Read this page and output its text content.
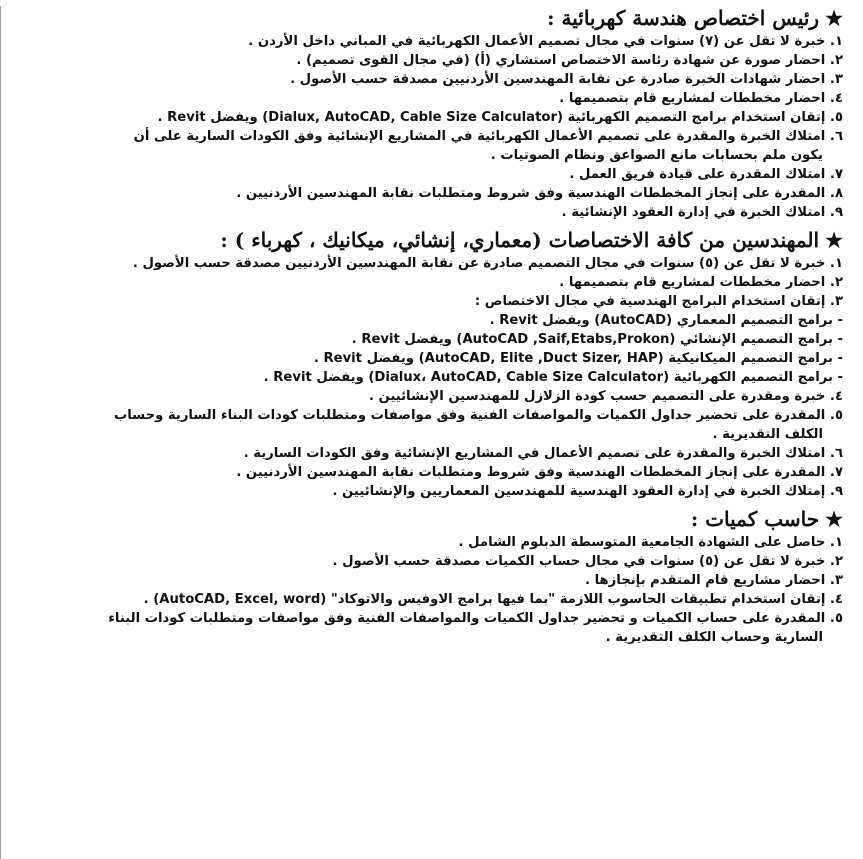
★رئيس اختصاص هندسة كهربائية :
١. خبرة لا تقل عن (٧) سنوات في مجال تصميم الأعمال الكهربائية في المباني داخل الأردن .
٢. احضار صورة عن شهادة رئاسة الاختصاص استشاري (أ) (في مجال القوى تصميم) .
٣. احضار شهادات الخبرة صادرة عن نقابة المهندسين الأردنيين مصدقة حسب الأصول .
٤. احضار مخططات لمشاريع قام بتصميمها .
٥. إتقان استخدام برامج التصميم الكهربائية (Dialux, AutoCAD, Cable Size Calculator) ويفضل Revit .
٦. امتلاك الخبرة والمقدرة على تصميم الأعمال الكهربائية في المشاريع الإنشائية وفق الكودات السارية على أن
يكون ملم بحسابات مانع الصواعق ونظام الصوتيات .
٧. امتلاك المقدرة على قيادة فريق العمل .
٨. المقدرة على إنجاز المخططات الهندسية وفق شروط ومتطلبات نقابة المهندسين الأردنيين .
٩. امتلاك الخبرة في إدارة العقود الإنشائية .
★المهندسين من كافة الاختصاصات (معماري، إنشائي، ميكانيك ، كهرباء ) :
١. خبرة لا تقل عن (٥) سنوات في مجال التصميم صادرة عن نقابة المهندسين الأردنيين مصدقة حسب الأصول .
٢. احضار مخططات لمشاريع قام بتصميمها .
٣. إتقان استخدام البرامج الهندسية في مجال الاختصاص :
- برامج التصميم المعماري (AutoCAD) ويفضل Revit .
- برامج التصميم الإنشائي (AutoCAD ,Saif,Etabs,Prokon) ويفضل Revit .
- برامج التصميم الميكانيكية (AutoCAD, Elite ,Duct Sizer, HAP) ويفضل Revit .
- برامج التصميم الكهربائية (Dialux، AutoCAD, Cable Size Calculator) ويفضل Revit .
٤. خبرة ومقدرة على التصميم حسب كودة الزلازل للمهندسين الإنشائيين .
٥. المقدرة على تحضير جداول الكميات والمواصفات الفنية وفق مواصفات ومتطلبات كودات البناء السارية وحساب
الكلف التقديرية .
٦. امتلاك الخبرة والمقدرة على تصميم الأعمال في المشاريع الإنشائية وفق الكودات السارية .
٧. المقدرة على إنجاز المخططات الهندسية وفق شروط ومتطلبات نقابة المهندسين الأردنيين .
٩. إمتلاك الخبرة في إدارة العقود الهندسية للمهندسين المعماريين والإنشائيين .
★حاسب كميات :
١. حاصل على الشهادة الجامعية المتوسطة الدبلوم الشامل .
٢. خبرة لا تقل عن (٥) سنوات في مجال حساب الكميات مصدقة حسب الأصول .
٣. احضار مشاريع قام المتقدم بإنجازها .
٤. إتقان استخدام تطبيقات الحاسوب اللازمة "بما فيها برامج الاوفيس والاتوكاد" (AutoCAD, Excel, word) .
٥. المقدرة على حساب الكميات و تحضير جداول الكميات والمواصفات الفنية وفق مواصفات ومتطلبات كودات البناء
السارية وحساب الكلف التقديرية .
